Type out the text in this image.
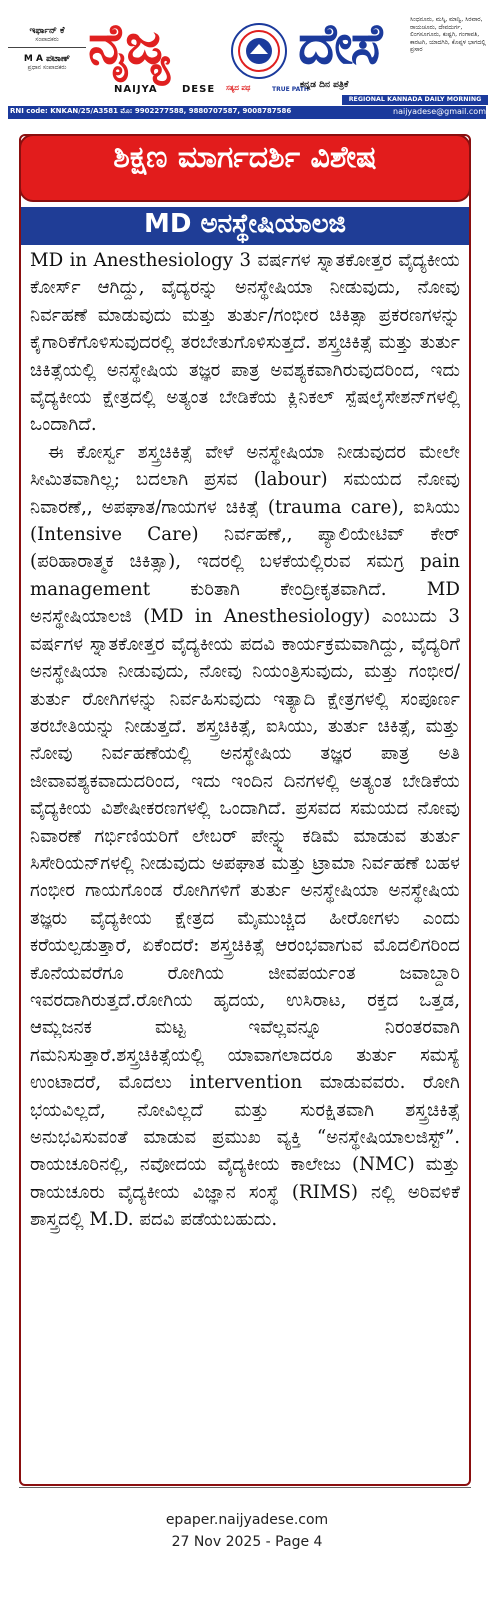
ಇರ್ಫಾನ್ ಕೆ
ಸಂಪಾದಕರು
M A ಪಟಾಣ್
ಪ್ರಧಾನ ಸಂಪಾದಕರು ನೈಜ್ಯ ದೇಸೆ
NAIJYA DESE ಸತ್ಯದ ಪಥ	TRUE PATH
ಕನ್ನಡ ದಿನ ಪತ್ರಿಕೆ
ಸಿಂಧನೂರು, ಮಸ್ಕಿ, ಮಾನ್ವಿ, ಸಿರವಾರ, ರಾಯಚೂರು, ದೇವದುರ್ಗ, ಲಿಂಗಸೂಗೂರು, ಕುಷ್ಟಗಿ, ಗಂಗಾವತಿ, ಕಾರಟಗಿ, ಯಾದಗಿರಿ, ಕೊಪ್ಪಳ ಭಾಗದಲ್ಲಿ ಪ್ರಸಾರ
REGIONAL KANNADA DAILY MORNING
RNI code: KNKAN/25/A3581 ಮೊ: 9902277588, 9880707587, 9008787586	naijyadese@gmail.com
ಶಿಕ್ಷಣ ಮಾರ್ಗದರ್ಶಿ ವಿಶೇಷ
MD ಅನಸ್ಥೇಷಿಯಾಲಜಿ
MD in Anesthesiology 3 ವರ್ಷಗಳ ಸ್ನಾತಕೋತ್ತರ ವೈದ್ಯಕೀಯ ಕೋರ್ಸ್ ಆಗಿದ್ದು, ವೈದ್ಯರನ್ನು ಅನಸ್ಥೇಷಿಯಾ ನೀಡುವುದು, ನೋವು ನಿರ್ವಹಣೆ ಮಾಡುವುದು ಮತ್ತು ತುರ್ತು/ಗಂಭೀರ ಚಿಕಿತ್ಸಾ ಪ್ರಕರಣಗಳನ್ನು ಕೈಗಾರಿಕೆಗೊಳಿಸುವುದರಲ್ಲಿ ತರಬೇತುಗೊಳಿಸುತ್ತದೆ. ಶಸ್ತ್ರಚಿಕಿತ್ಸೆ ಮತ್ತು ತುರ್ತು ಚಿಕಿತ್ಸೆಯಲ್ಲಿ ಅನಸ್ಥೇಷಿಯ ತಜ್ಞರ ಪಾತ್ರ ಅವಶ್ಯಕವಾಗಿರುವುದರಿಂದ, ಇದು ವೈದ್ಯಕೀಯ ಕ್ಷೇತ್ರದಲ್ಲಿ ಅತ್ಯಂತ ಬೇಡಿಕೆಯ ಕ್ಲಿನಿಕಲ್ ಸ್ಪೆಷಲೈಸೇಶನ್‌ಗಳಲ್ಲಿ ಒಂದಾಗಿದೆ.
ಈ ಕೋರ್ಸ್ವ ಶಸ್ತ್ರಚಿಕಿತ್ಸೆ ವೇಳೆ ಅನಸ್ಥೇಷಿಯಾ ನೀಡುವುದರ ಮೇಲೇ ಸೀಮಿತವಾಗಿಲ್ಲ; ಬದಲಾಗಿ ಪ್ರಸವ (labour) ಸಮಯದ ನೋವು ನಿವಾರಣೆ,, ಅಪಘಾತ/ಗಾಯಗಳ ಚಿಕಿತ್ಸೆ (trauma care), ಐಸಿಯು (Intensive Care) ನಿರ್ವಹಣೆ,, ಪ್ಯಾಲಿಯೇಟಿವ್ ಕೇರ್ (ಪರಿಹಾರಾತ್ಮಕ ಚಿಕಿತ್ಸಾ), ಇದರಲ್ಲಿ ಬಳಕೆಯಲ್ಲಿರುವ ಸಮಗ್ರ pain management ಕುರಿತಾಗಿ ಕೇಂದ್ರೀಕೃತವಾಗಿದೆ. MD ಅನಸ್ಥೇಷಿಯಾಲಜಿ (MD in Anesthesiology) ಎಂಬುದು 3 ವರ್ಷಗಳ ಸ್ನಾತಕೋತ್ತರ ವೈದ್ಯಕೀಯ ಪದವಿ ಕಾರ್ಯಕ್ರಮವಾಗಿದ್ದು, ವೈದ್ಯರಿಗೆ ಅನಸ್ಥೇಷಿಯಾ ನೀಡುವುದು, ನೋವು ನಿಯಂತ್ರಿಸುವುದು, ಮತ್ತು ಗಂಭೀರ/ತುರ್ತು ರೋಗಿಗಳನ್ನು ನಿರ್ವಹಿಸುವುದು ಇತ್ಯಾದಿ ಕ್ಷೇತ್ರಗಳಲ್ಲಿ ಸಂಪೂರ್ಣ ತರಬೇತಿಯನ್ನು ನೀಡುತ್ತದೆ. ಶಸ್ತ್ರಚಿಕಿತ್ಸೆ, ಐಸಿಯು, ತುರ್ತು ಚಿಕಿತ್ಸೆ, ಮತ್ತು ನೋವು ನಿರ್ವಹಣೆಯಲ್ಲಿ ಅನಸ್ಥೇಷಿಯ ತಜ್ಞರ ಪಾತ್ರ ಅತಿ ಜೀವಾವಶ್ಯಕವಾದುದರಿಂದ, ಇದು ಇಂದಿನ ದಿನಗಳಲ್ಲಿ ಅತ್ಯಂತ ಬೇಡಿಕೆಯ ವೈದ್ಯಕೀಯ ವಿಶೇಷೀಕರಣಗಳಲ್ಲಿ ಒಂದಾಗಿದೆ. ಪ್ರಸವದ ಸಮಯದ ನೋವು ನಿವಾರಣೆ ಗರ್ಭಿಣಿಯರಿಗೆ ಲೇಬರ್ ಪೇನ್ನ್ನು ಕಡಿಮೆ ಮಾಡುವ ತುರ್ತು ಸಿಸೇರಿಯನ್‌ಗಳಲ್ಲಿ ನೀಡುವುದು ಅಪಘಾತ ಮತ್ತು ಟ್ರಾಮಾ ನಿರ್ವಹಣೆ ಬಹಳ ಗಂಭೀರ ಗಾಯಗೊಂಡ ರೋಗಿಗಳಿಗೆ ತುರ್ತು ಅನಸ್ಥೇಷಿಯಾ ಅನಸ್ಥೇಷಿಯ ತಜ್ಞರು ವೈದ್ಯಕೀಯ ಕ್ಷೇತ್ರದ ಮೈಮುಚ್ಚಿದ ಹೀರೋಗಳು ಎಂದು ಕರೆಯಲ್ಪಡುತ್ತಾರೆ, ಏಕೆಂದರೆ: ಶಸ್ತ್ರಚಿಕಿತ್ಸೆ ಆರಂಭವಾಗುವ ಮೊದಲಿಗರಿಂದ ಕೊನೆಯವರೆಗೂ ರೋಗಿಯ ಜೀವಪರ್ಯಂತ ಜವಾಬ್ದಾರಿ ಇವರದಾಗಿರುತ್ತದೆ.ರೋಗಿಯ ಹೃದಯ, ಉಸಿರಾಟ, ರಕ್ತದ ಒತ್ತಡ, ಆಮ್ಲಜನಕ ಮಟ್ಟ ಇವೆಲ್ಲವನ್ನೂ ನಿರಂತರವಾಗಿ ಗಮನಿಸುತ್ತಾರೆ.ಶಸ್ತ್ರಚಿಕಿತ್ಸೆಯಲ್ಲಿ ಯಾವಾಗಲಾದರೂ ತುರ್ತು ಸಮಸ್ಯೆ ಉಂಟಾದರೆ, ಮೊದಲು intervention ಮಾಡುವವರು. ರೋಗಿ ಭಯವಿಲ್ಲದೆ, ನೋವಿಲ್ಲದೆ ಮತ್ತು ಸುರಕ್ಷಿತವಾಗಿ ಶಸ್ತ್ರಚಿಕಿತ್ಸೆ ಅನುಭವಿಸುವಂತೆ ಮಾಡುವ ಪ್ರಮುಖ ವ್ಯಕ್ತಿ “ಅನಸ್ಥೇಷಿಯಾಲಜಿಸ್ಟ್”. ರಾಯಚೂರಿನಲ್ಲಿ, ನವೋದಯ ವೈದ್ಯಕೀಯ ಕಾಲೇಜು (NMC) ಮತ್ತು ರಾಯಚೂರು ವೈದ್ಯಕೀಯ ವಿಜ್ಞಾನ ಸಂಸ್ಥೆ (RIMS) ನಲ್ಲಿ ಅರಿವಳಿಕೆ ಶಾಸ್ತ್ರದಲ್ಲಿ M.D. ಪದವಿ ಪಡೆಯಬಹುದು.
epaper.naijyadese.com
27 Nov 2025 - Page 4
